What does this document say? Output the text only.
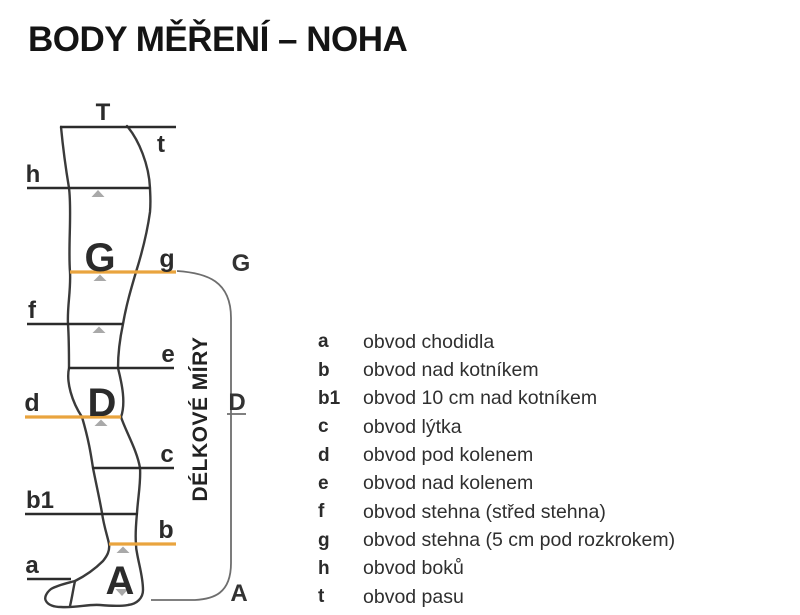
BODY MĚŘENÍ – NOHA
T
t
h
G g
f
e
d D
c
b1
b
a A
G
D
A
DÉLKOVÉ MÍRY	a	obvod chodidla
b	obvod nad kotníkem
b1	obvod 10 cm nad kotníkem
c	obvod lýtka
d	obvod pod kolenem
e	obvod nad kolenem
f	obvod stehna (střed stehna)
g	obvod stehna (5 cm pod rozkrokem)
h	obvod boků
t	obvod pasu
